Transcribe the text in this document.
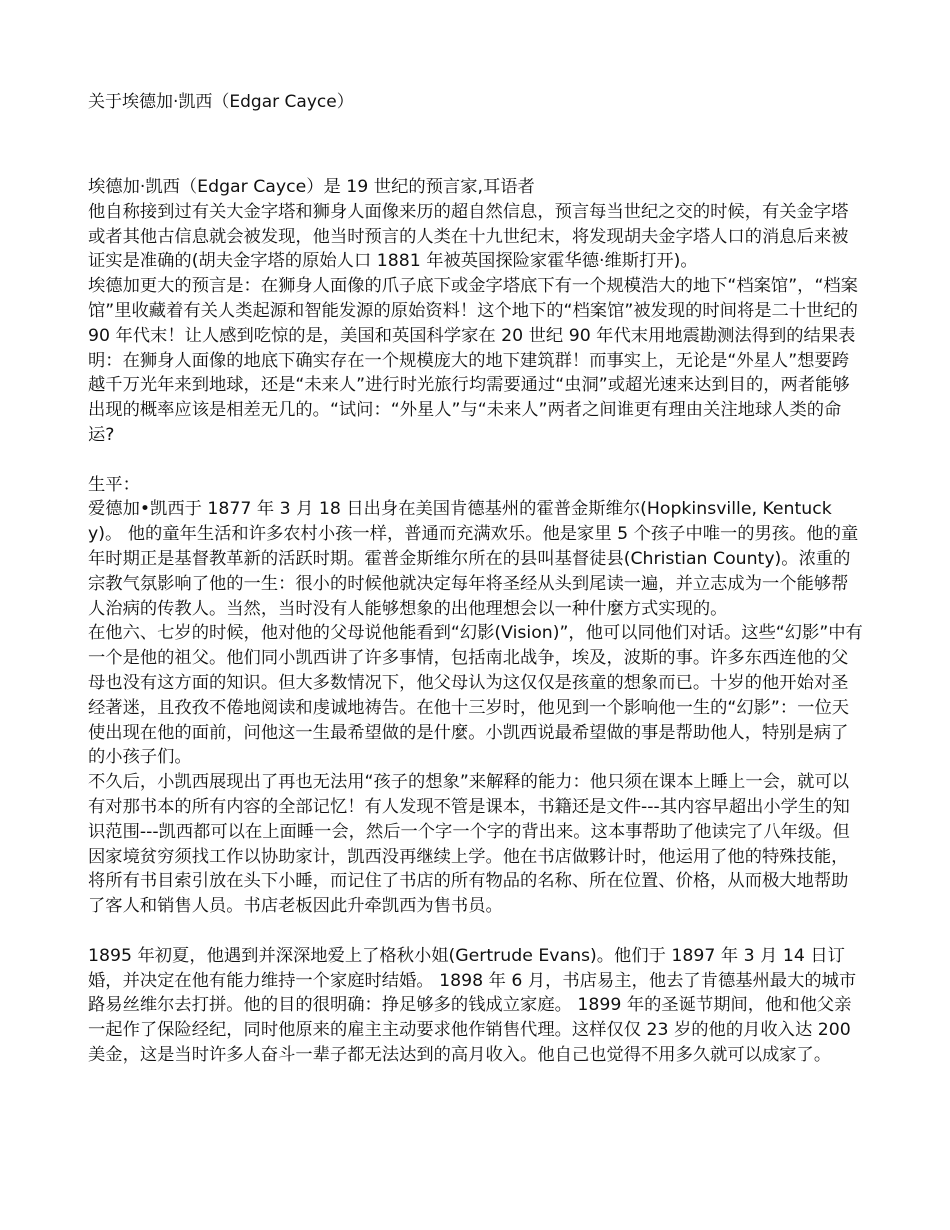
关于埃德加·凯西（Edgar Cayce）

埃德加·凯西（Edgar Cayce）是 19 世纪的预言家,耳语者

他自称接到过有关大金字塔和狮身人面像来历的超自然信息，预言每当世纪之交的时候，有关金字塔或者其他古信息就会被发现，他当时预言的人类在十九世纪末，将发现胡夫金字塔人口的消息后来被证实是准确的(胡夫金字塔的原始人口 1881 年被英国探险家霍华德·维斯打开)。

埃德加更大的预言是：在狮身人面像的爪子底下或金字塔底下有一个规模浩大的地下“档案馆”，“档案馆”里收藏着有关人类起源和智能发源的原始资料！这个地下的“档案馆”被发现的时间将是二十世纪的 90 年代末！让人感到吃惊的是，美国和英国科学家在 20 世纪 90 年代末用地震勘测法得到的结果表明：在狮身人面像的地底下确实存在一个规模庞大的地下建筑群！而事实上，无论是“外星人”想要跨越千万光年来到地球，还是“未来人”进行时光旅行均需要通过“虫洞”或超光速来达到目的，两者能够出现的概率应该是相差无几的。“试问：“外星人”与“未来人”两者之间谁更有理由关注地球人类的命运?

生平：

爱德加•凯西于 1877 年 3 月 18 日出身在美国肯德基州的霍普金斯维尔(Hopkinsville, Kentucky)。 他的童年生活和许多农村小孩一样，普通而充满欢乐。他是家里 5 个孩子中唯一的男孩。他的童年时期正是基督教革新的活跃时期。霍普金斯维尔所在的县叫基督徒县(Christian County)。浓重的宗教气氛影响了他的一生：很小的时候他就决定每年将圣经从头到尾读一遍，并立志成为一个能够帮人治病的传教人。当然，当时没有人能够想象的出他理想会以一种什麼方式实现的。

在他六、七岁的时候，他对他的父母说他能看到“幻影(Vision)”，他可以同他们对话。这些“幻影”中有一个是他的祖父。他们同小凯西讲了许多事情，包括南北战争，埃及，波斯的事。许多东西连他的父母也没有这方面的知识。但大多数情况下，他父母认为这仅仅是孩童的想象而已。十岁的他开始对圣经著迷，且孜孜不倦地阅读和虔诚地祷告。在他十三岁时，他见到一个影响他一生的“幻影”：一位天使出现在他的面前，问他这一生最希望做的是什麼。小凯西说最希望做的事是帮助他人，特别是病了的小孩子们。

不久后，小凯西展现出了再也无法用“孩子的想象”来解释的能力：他只须在课本上睡上一会，就可以有对那书本的所有内容的全部记忆！有人发现不管是课本，书籍还是文件---其内容早超出小学生的知识范围---凯西都可以在上面睡一会，然后一个字一个字的背出来。这本事帮助了他读完了八年级。但因家境贫穷须找工作以协助家计，凯西没再继续上学。他在书店做夥计时，他运用了他的特殊技能，将所有书目索引放在头下小睡，而记住了书店的所有物品的名称、所在位置、价格，从而极大地帮助了客人和销售人员。书店老板因此升牵凯西为售书员。

1895 年初夏，他遇到并深深地爱上了格秋小姐(Gertrude Evans)。他们于 1897 年 3 月 14 日订婚，并决定在他有能力维持一个家庭时结婚。 1898 年 6 月，书店易主，他去了肯德基州最大的城市路易丝维尔去打拼。他的目的很明确：挣足够多的钱成立家庭。 1899 年的圣诞节期间，他和他父亲一起作了保险经纪，同时他原来的雇主主动要求他作销售代理。这样仅仅 23 岁的他的月收入达 200 美金，这是当时许多人奋斗一辈子都无法达到的高月收入。他自己也觉得不用多久就可以成家了。
